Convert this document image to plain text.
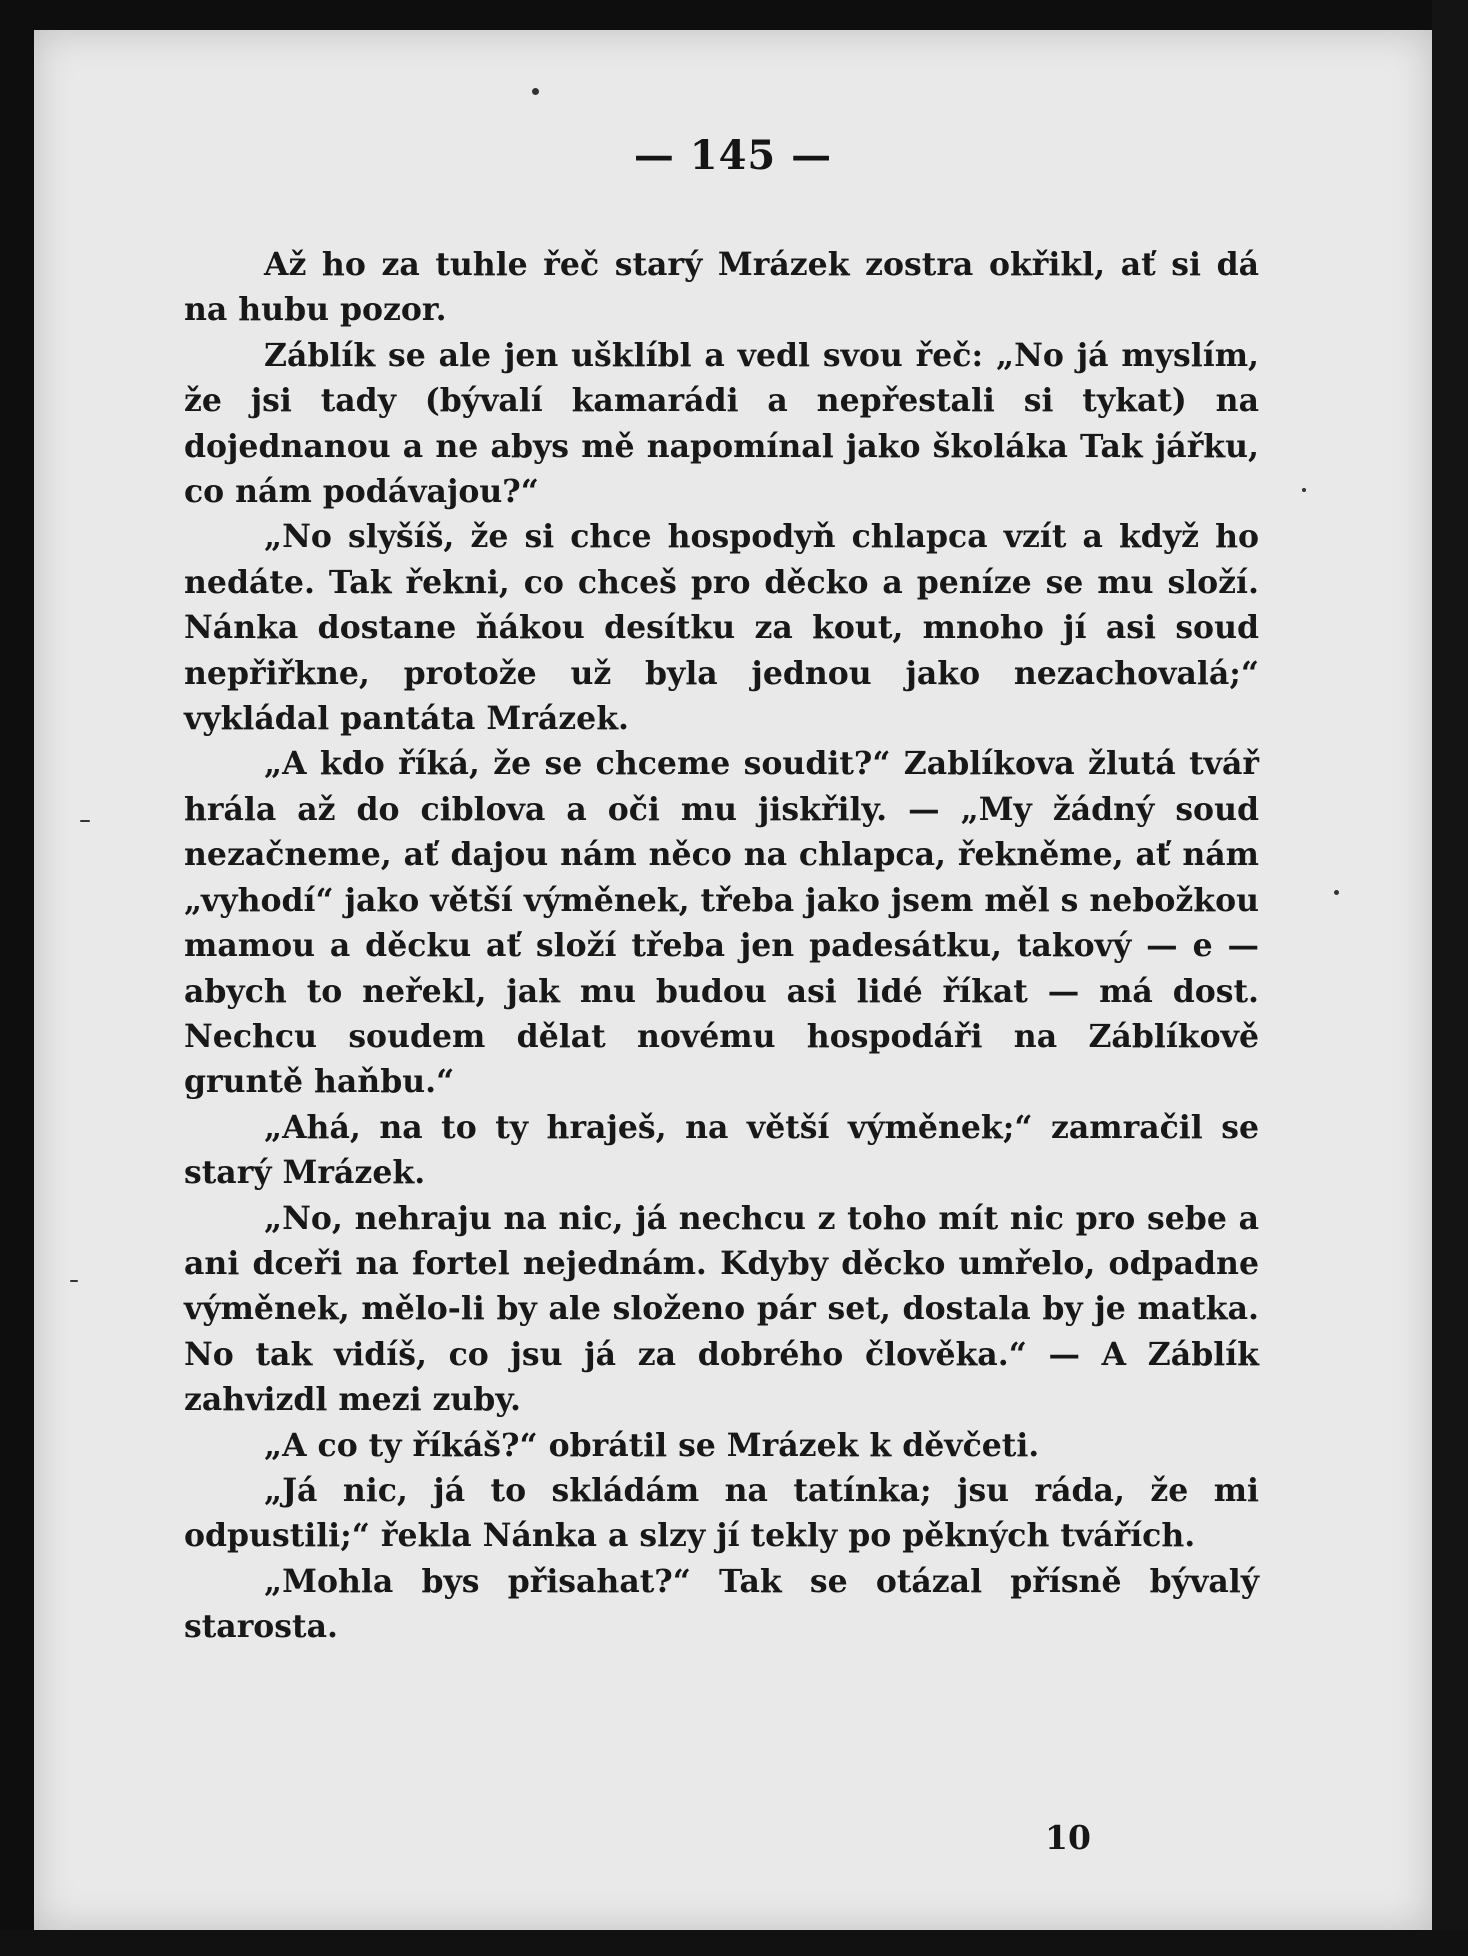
— 145 —

Až ho za tuhle řeč starý Mrázek zostra okřikl, ať si dá na hubu pozor.

Záblík se ale jen ušklíbl a vedl svou řeč: „No já myslím, že jsi tady (bývalí kamarádi a nepřestali si tykat) na dojednanou a ne abys mě napomínal jako školáka Tak jářku, co nám podávajou?“

„No slyšíš, že si chce hospodyň chlapca vzít a když ho nedáte. Tak řekni, co chceš pro děcko a peníze se mu složí. Nánka dostane ňákou desítku za kout, mnoho jí asi soud nepřiřkne, protože už byla jednou jako nezachovalá;“ vykládal pantáta Mrázek.

„A kdo říká, že se chceme soudit?“ Zablíkova žlutá tvář hrála až do ciblova a oči mu jiskřily. — „My žádný soud nezačneme, ať dajou nám něco na chlapca, řekněme, ať nám „vyhodí“ jako větší výměnek, třeba jako jsem měl s nebožkou mamou a děcku ať složí třeba jen padesátku, takový — e — abych to neřekl, jak mu budou asi lidé říkat — má dost. Nechcu soudem dělat novému hospodáři na Záblíkově gruntě haňbu.“

„Ahá, na to ty hraješ, na větší výměnek;“ zamračil se starý Mrázek.

„No, nehraju na nic, já nechcu z toho mít nic pro sebe a ani dceři na fortel nejednám. Kdyby děcko umřelo, odpadne výměnek, mělo-li by ale složeno pár set, dostala by je matka. No tak vidíš, co jsu já za dobrého člověka.“ — A Záblík zahvizdl mezi zuby.

„A co ty říkáš?“ obrátil se Mrázek k děvčeti.

„Já nic, já to skládám na tatínka; jsu ráda, že mi odpustili;“ řekla Nánka a slzy jí tekly po pěkných tvářích.

„Mohla bys přisahat?“ Tak se otázal přísně bývalý starosta.

10
